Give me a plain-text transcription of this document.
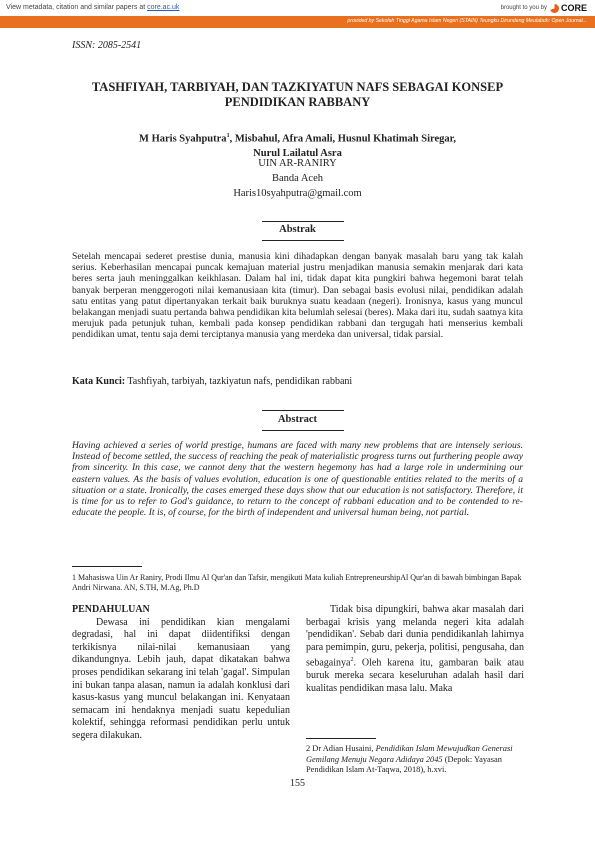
View metadata, citation and similar papers at core.ac.uk	brought to you by CORE
provided by Sekolah Tinggi Agama Islam Negeri (STAIN) Teungku Dirundeng Meulaboh: Open Journal...
ISSN: 2085-2541
TASHFIYAH, TARBIYAH, DAN TAZKIYATUN NAFS SEBAGAI KONSEP
PENDIDIKAN RABBANY
M Haris Syahputra$^1$, Misbahul, Afra Amali, Husnul Khatimah Siregar,
Nurul Lailatul Asra
UIN AR-RANIRY
Banda Aceh
Haris10syahputra@gmail.com
Abstrak
Setelah mencapai sederet prestise dunia, manusia kini dihadapkan dengan banyak masalah baru yang tak kalah serius. Keberhasilan mencapai puncak kemajuan material justru menjadikan manusia semakin menjarak dari kata beres serta jauh meninggalkan keikhlasan. Dalam hal ini, tidak dapat kita pungkiri bahwa hegemoni barat telah banyak berperan menggerogoti nilai kemanusiaan kita (timur). Dan sebagai basis evolusi nilai, pendidikan adalah satu entitas yang patut dipertanyakan terkait baik buruknya suatu keadaan (negeri). Ironisnya, kasus yang muncul belakangan menjadi suatu pertanda bahwa pendidikan kita belumlah selesai (beres). Maka dari itu, sudah saatnya kita merujuk pada petunjuk tuhan, kembali pada konsep pendidikan rabbani dan tergugah hati menserius kembali pendidikan umat, tentu saja demi terciptanya manusia yang merdeka dan universal, tidak parsial.
Kata Kunci: Tashfiyah, tarbiyah, tazkiyatun nafs, pendidikan rabbani
Abstract
Having achieved a series of world prestige, humans are faced with many new problems that are intensely serious. Instead of become settled, the success of reaching the peak of materialistic progress turns out furthering people away from sincerity. In this case, we cannot deny that the western hegemony has had a large role in undermining our eastern values. As the basis of values evolution, education is one of questionable entities related to the merits of a situation or a state. Ironically, the cases emerged these days show that our education is not satisfactory. Therefore, it is time for us to refer to God's guidance, to return to the concept of rabbani education and to be contended to re-educate the people. It is, of course, for the birth of independent and universal human being, not partial.
1 Mahasiswa Uin Ar Raniry, Prodi Ilmu Al Qur'an dan Tafsir, mengikuti Mata kuliah EntrepreneurshipAl Qur'an di bawah bimbingan Bapak Andri Nirwana. AN, S.TH, M.Ag, Ph.D

PENDAHULUAN

Dewasa ini pendidikan kian mengalami degradasi, hal ini dapat diidentifiksi dengan terkikisnya nilai-nilai kemanusiaan yang dikandungnya. Lebih jauh, dapat dikatakan bahwa proses pendidikan sekarang ini telah 'gagal'. Simpulan ini bukan tanpa alasan, namun ia adalah konklusi dari kasus-kasus yang muncul belakangan ini. Kenyataan semacam ini hendaknya menjadi suatu kepedulian kolektif, sehingga reformasi pendidikan perlu untuk segera dilakukan.

Tidak bisa dipungkiri, bahwa akar masalah dari berbagai krisis yang melanda negeri kita adalah 'pendidikan'. Sebab dari dunia pendidikanlah lahirnya para pemimpin, guru, pekerja, politisi, pengusaha, dan sebagainya$^2$. Oleh karena itu, gambaran baik atau buruk mereka secara keseluruhan adalah hasil dari kualitas pendidikan masa lalu. Maka

2 Dr Adian Husaini, Pendidikan Islam Mewujudkan Generasi Gemilang Menuju Negara Adidaya 2045 (Depok: Yayasan Pendidikan Islam At-Taqwa, 2018), h.xvi.
155
